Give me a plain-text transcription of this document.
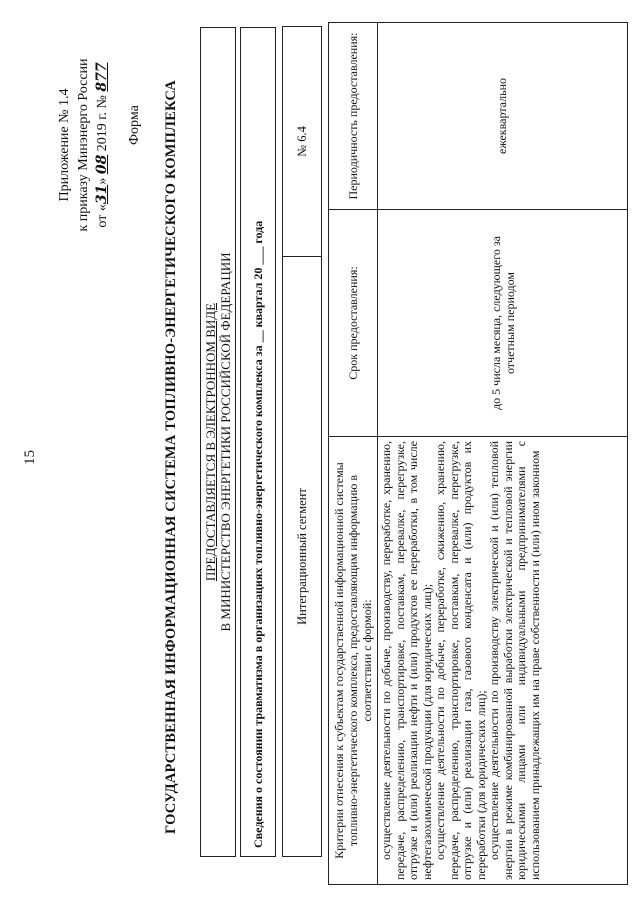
15
Приложение № 1.4 к приказу Минэнерго России от «31» 08 2019 г. № 877
Форма ГОСУДАРСТВЕННАЯ ИНФОРМАЦИОННАЯ СИСТЕМА ТОПЛИВНО-ЭНЕРГЕТИЧЕСКОГО КОМПЛЕКСА ПРЕДОСТАВЛЯЕТСЯ В ЭЛЕКТРОННОМ ВИДЕ В МИНИСТЕРСТВО ЭНЕРГЕТИКИ РОССИЙСКОЙ ФЕДЕРАЦИИ Сведения о состоянии травматизма в организациях топливно-энергетического комплекса за __ квартал 20 ___ года Интеграционный сегмент	№ 6.4
Критерии отнесения к субъектам государственной информационной системы топливно-энергетического комплекса, предоставляющим информацию в соответствии с формой:	Срок предоставления:	Периодичность предоставления:

осуществление деятельности по добыче, производству, переработке, хранению, передаче, распределению, транспортировке, поставкам, перевалке, перегрузке, отгрузке и (или) реализации нефти и (или) продуктов ее переработки, в том числе нефтегазохимической продукции (для юридических лиц); осуществление деятельности по добыче, переработке, сжижению, хранению, передаче, распределению, транспортировке, поставкам, перевалке, перегрузке, отгрузке и (или) реализации газа, газового конденсата и (или) продуктов их переработки (для юридических лиц); осуществление деятельности по производству электрической и (или) тепловой энергии в режиме комбинированной выработки электрической и тепловой энергии юридическими лицами или индивидуальными предпринимателями с использованием принадлежащих им на праве собственности и (или) ином законном	до 5 числа месяца, следующего за отчетным периодом	ежеквартально
